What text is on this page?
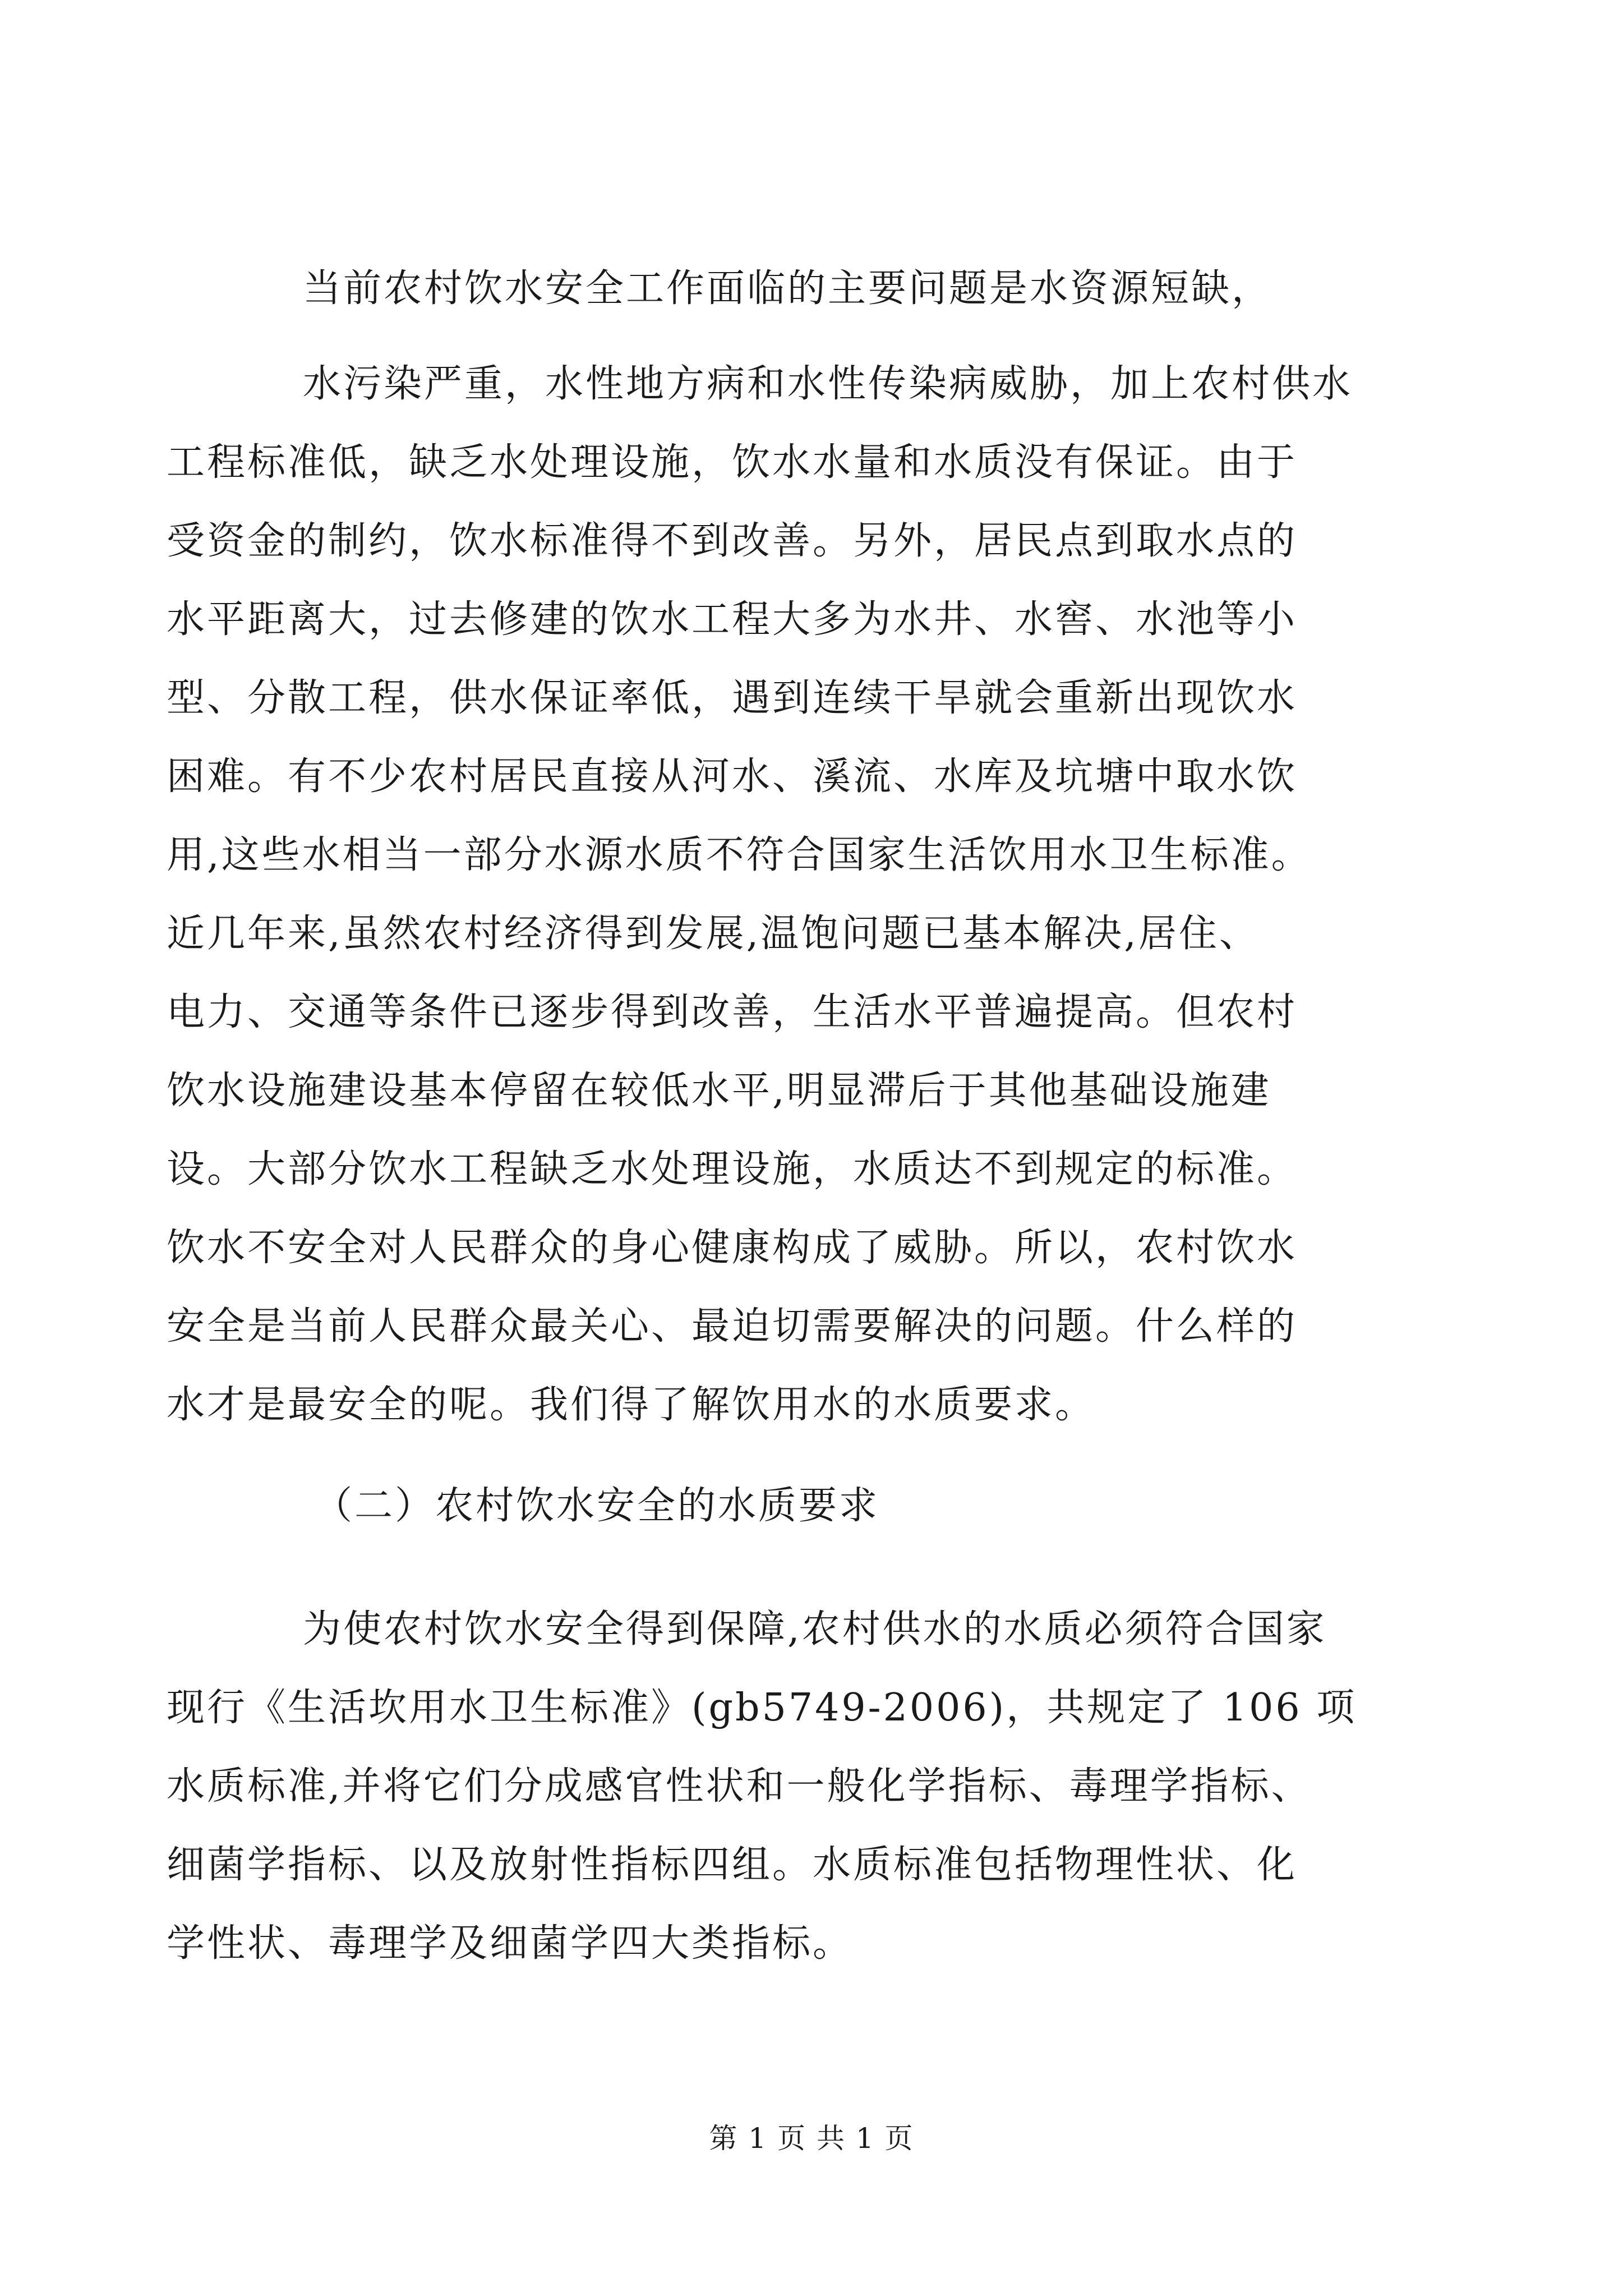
当前农村饮水安全工作面临的主要问题是水资源短缺，
水污染严重，水性地方病和水性传染病威胁，加上农村供水
工程标准低，缺乏水处理设施，饮水水量和水质没有保证。由于
受资金的制约，饮水标准得不到改善。另外，居民点到取水点的
水平距离大，过去修建的饮水工程大多为水井、水窖、水池等小
型、分散工程，供水保证率低，遇到连续干旱就会重新出现饮水
困难。有不少农村居民直接从河水、溪流、水库及坑塘中取水饮
用,这些水相当一部分水源水质不符合国家生活饮用水卫生标准。
近几年来,虽然农村经济得到发展,温饱问题已基本解决,居住、
电力、交通等条件已逐步得到改善，生活水平普遍提高。但农村
饮水设施建设基本停留在较低水平,明显滞后于其他基础设施建
设。大部分饮水工程缺乏水处理设施，水质达不到规定的标准。
饮水不安全对人民群众的身心健康构成了威胁。所以，农村饮水
安全是当前人民群众最关心、最迫切需要解决的问题。什么样的
水才是最安全的呢。我们得了解饮用水的水质要求。
（二）农村饮水安全的水质要求
为使农村饮水安全得到保障,农村供水的水质必须符合国家
现行《生活坎用水卫生标准》(gb5749-2006)，共规定了 106 项
水质标准,并将它们分成感官性状和一般化学指标、毒理学指标、
细菌学指标、以及放射性指标四组。水质标准包括物理性状、化
学性状、毒理学及细菌学四大类指标。
第 1 页 共 1 页
